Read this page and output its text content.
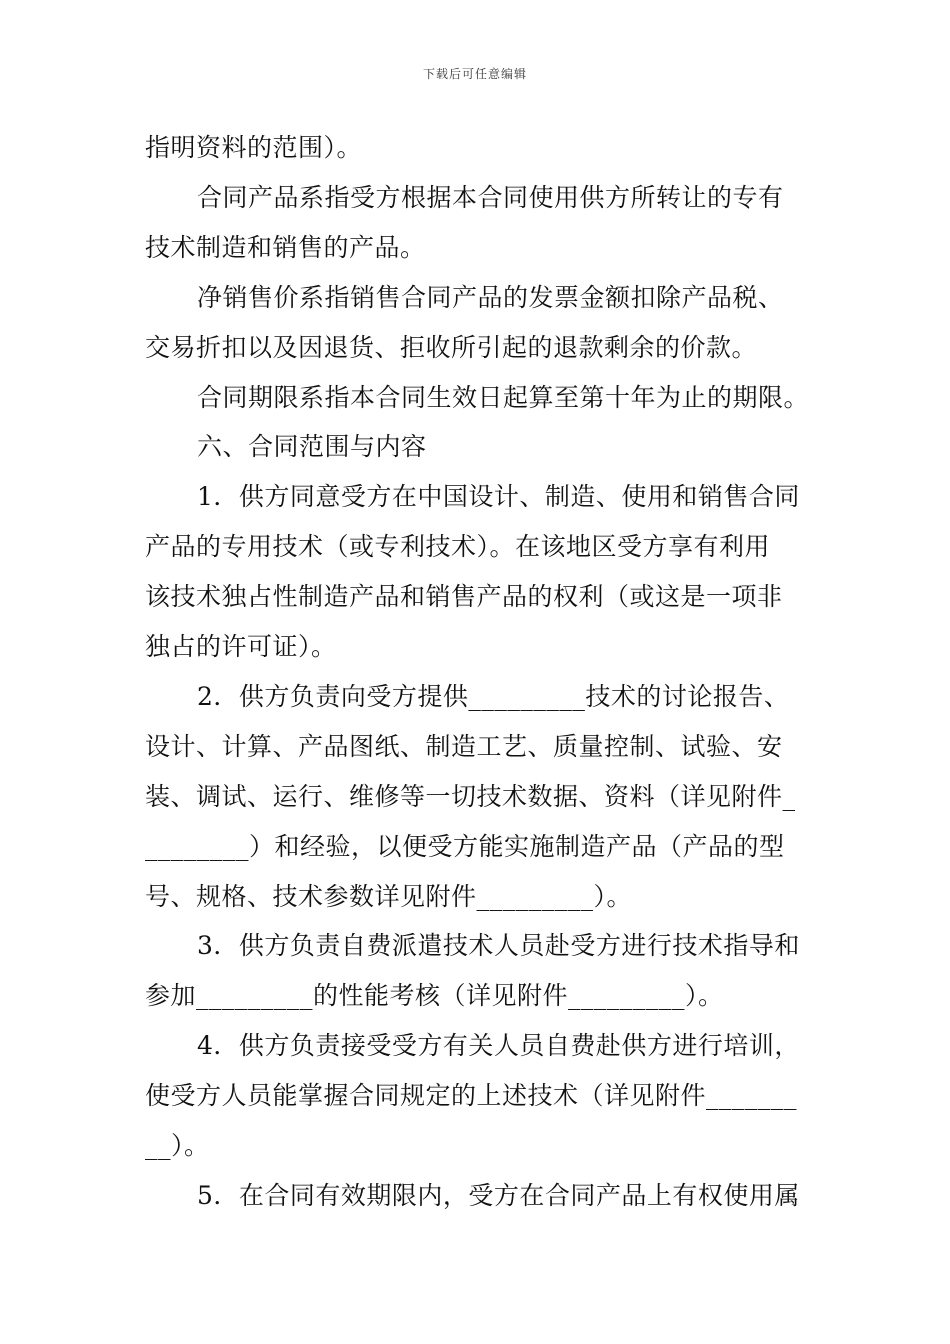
下载后可任意编辑
指明资料的范围）。
合同产品系指受方根据本合同使用供方所转让的专有
技术制造和销售的产品。
净销售价系指销售合同产品的发票金额扣除产品税、
交易折扣以及因退货、拒收所引起的退款剩余的价款。
合同期限系指本合同生效日起算至第十年为止的期限。
六、合同范围与内容
1．供方同意受方在中国设计、制造、使用和销售合同
产品的专用技术（或专利技术）。在该地区受方享有利用
该技术独占性制造产品和销售产品的权利（或这是一项非
独占的许可证）。
2．供方负责向受方提供_________技术的讨论报告、
设计、计算、产品图纸、制造工艺、质量控制、试验、安
装、调试、运行、维修等一切技术数据、资料（详见附件_
________）和经验，以便受方能实施制造产品（产品的型
号、规格、技术参数详见附件_________）。
3．供方负责自费派遣技术人员赴受方进行技术指导和
参加_________的性能考核（详见附件_________）。
4．供方负责接受受方有关人员自费赴供方进行培训，
使受方人员能掌握合同规定的上述技术（详见附件_______
__）。
5．在合同有效期限内，受方在合同产品上有权使用属
